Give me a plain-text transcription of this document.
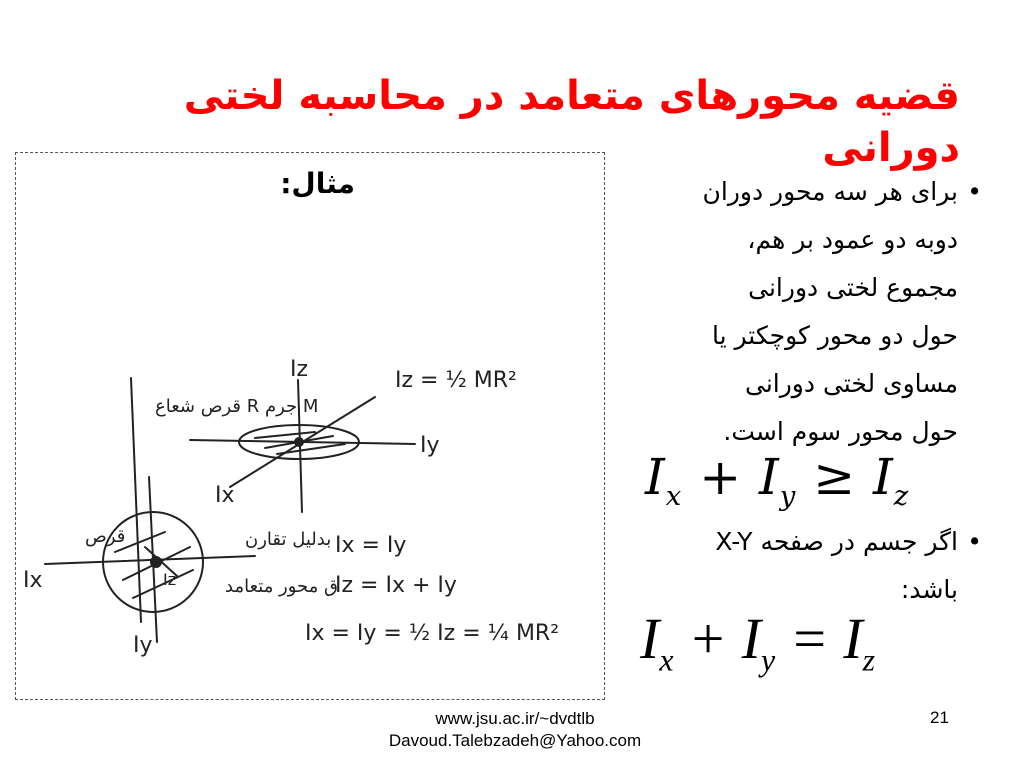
قضیه محورهای متعامد در محاسبه لختی دورانی
مثال:
Iz
Iy
Ix
Iz = ½ MR²
قرص شعاع R جرم M
قرص
Ix
Iy
Iz
بدلیل تقارن Ix = Iy
ق محور متعامد
Iz = Ix + Iy
Ix = Iy = ½ Iz = ¼ MR²
•
برای هر سه محور دوران
دوبه دو عمود بر هم،
مجموع لختی دورانی
حول دو محور کوچکتر یا
مساوی لختی دورانی
حول محور سوم است.
•
اگر جسم در صفحه X-Y
باشد:
$I_x + I_y \ge I_z$
$I_x + I_y = I_z$
www.jsu.ac.ir/~dvdtlb
Davoud.Talebzadeh@Yahoo.com
21
